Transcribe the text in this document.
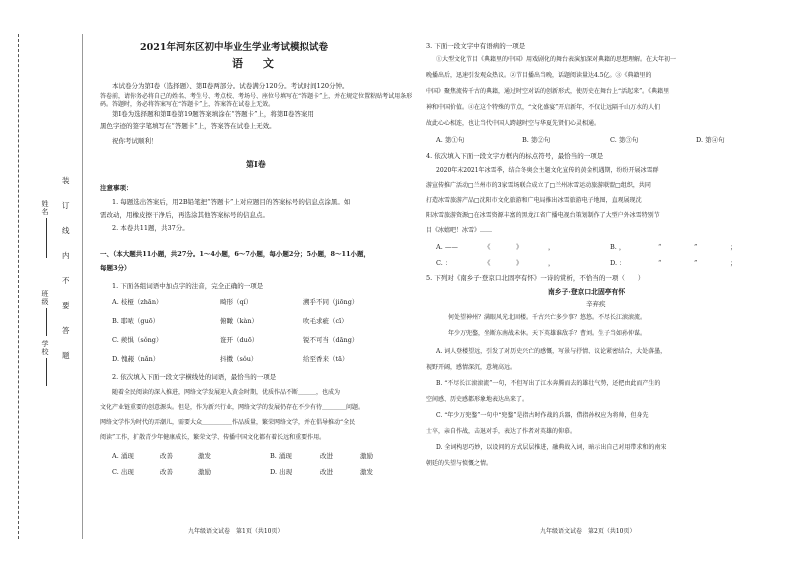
姓名
班级
学校
装
订
线
内
不
要
答
题
2021年河东区初中毕业生学业考试模拟试卷
语 文
本试卷分为第Ⅰ卷（选择题）、第Ⅱ卷两部分。试卷满分120分。考试时间120分钟。
答卷前，请你务必将自己的姓名、考生号、考点校、考场号、座位号填写在“答题卡”上，并在规定位置粘贴考试用条形码。答题时，务必将答案写在“答题卡”上，答案答在试卷上无效。
第Ⅰ卷为选择题和第Ⅱ卷第19题答案填涂在“答题卡”上，将第Ⅱ卷答案用
黑色字迹的签字笔填写在“答题卡”上，答案答在试卷上无效。
祝你考试顺利！
第Ⅰ卷
注意事项：
1. 每题选出答案后，用2B铅笔把“答题卡”上对应题目的答案标号的信息点涂黑。如
需改动，用橡皮擦干净后，再选涂其他答案标号的信息点。
2. 本卷共11题，共37分。
一、（本大题共11小题，共27分。1～4小题，6～7小题，每小题2分；5小题，8～11小题，
每题3分）
1. 下面各组词语中加点字的注音，完全正确的一项是
A. 枝桠（zhān）	畸形（qí）	溯乎不同（jiōng）
B. 耶哝（guō）	俯瞰（kàn）	吹毛求疵（cī）
C. 蒺惧（sǒng）	诳开（duō）	锐不可当（dāng）
D. 愧赧（nǎn）	抖擞（sǒu）	给至香来（tā）
2. 依次填入下面一段文字横线处的词语，最恰当的一项是
随着全民阅读的深入推进，网络文学发展迎入黄金时期，优质作品不断＿＿＿，也成为
文化产业链重要的创意源头。但是，作为新兴行业，网络文学的发展仍存在不少有待＿＿＿＿问题。
网络文学作为时代的弄潮儿，需要大众＿＿＿＿＿作品质量，繁荣网络文学，并在倡导推动“全民
阅读”工作，扩散青少年健康成长，繁荣文学、传播中国文化都有着长远和重要作用。
A. 涌现	改善	激发	B. 涌现	改进	激励
C. 出现	改善	激励	D. 出现	改进	激发
九年级语文试卷　第1页（共10页）
3. 下面一段文字中有语病的一项是
①大型文化节目《典籍里的中国》用戏剧化的舞台表演加深对典籍的思想理解。在大年初一
晚播出后，迅速引发观众热议。②节目播出当晚，话题阅读量达4.5亿。③《典籍里的
中国》聚焦流传千古的典籍，通过时空对话的创新形式，使历史在舞台上“活起来”。《典籍里
神和中国价值。④在这个特殊的节点，“文化盛宴”开启新年，不仅让远隔千山万水的人们
故此心心相连，也让当代中国人跨越时空与华夏先贤们心灵相通。
A. 第①句	B. 第②句	C. 第③句	D. 第④句
4. 依次填入下面一段文字方框内的标点符号，最恰当的一项是
2020年末2021年冰雪季，结合冬奥会主题文化宣传的黄金机遇期，纷纷开展冰雪群
游宣传推广活动□兰州市的3家雪场联合成立了□兰州冰雪运动旅游联盟□组织，共同
打造冰雪旅游产品□沈阳市文化旅游和广电局推出冰雪旅游电子地图，直观展现沈
阳冰雪旅游资源□在冰雪资源丰富的黑龙江省广播电视台策划制作了大型户外冰雪特别节
目《冰嬉吧！冰雪》……
A. ——	《	》	，	B. ，	“	”	；
C. ：	《	》	，	D. ：	“	”	；
5. 下列对《南乡子·登京口北固亭有怀》一诗的赏析，不恰当的一项（　　）
南乡子·登京口北固亭有怀
辛弃疾
何处望神州？满眼风光北固楼。千古兴亡多少事？悠悠。不尽长江滚滚流。
年少万兜鍪，坐断东南战未休。天下英雄谁敌手？曹刘。生子当如孙仲谋。
A. 词人登楼望远，引发了对历史兴亡的感慨，写景与抒情、议论紧密结合，大处落墨，
视野开阔，感情深沉，意境高远。
B. “不尽长江滚滚流”一句，不但写出了江水奔腾而去的雄壮气势，还把由此而产生的
空间感、历史感都形象地表达出来了。
C. “年少万兜鍪”一句中“兜鍪”是指古时作战的兵器，借指孙权应为将帅，但身先
士卒，亲自作战，击退对手，表达了作者对英雄的仰慕。
D. 全词构思巧妙，以设问的方式层层推进，融典故入词，暗示出自己对用带求和的南宋
朝廷的失望与愤慨之情。
九年级语文试卷　第2页（共10页）
